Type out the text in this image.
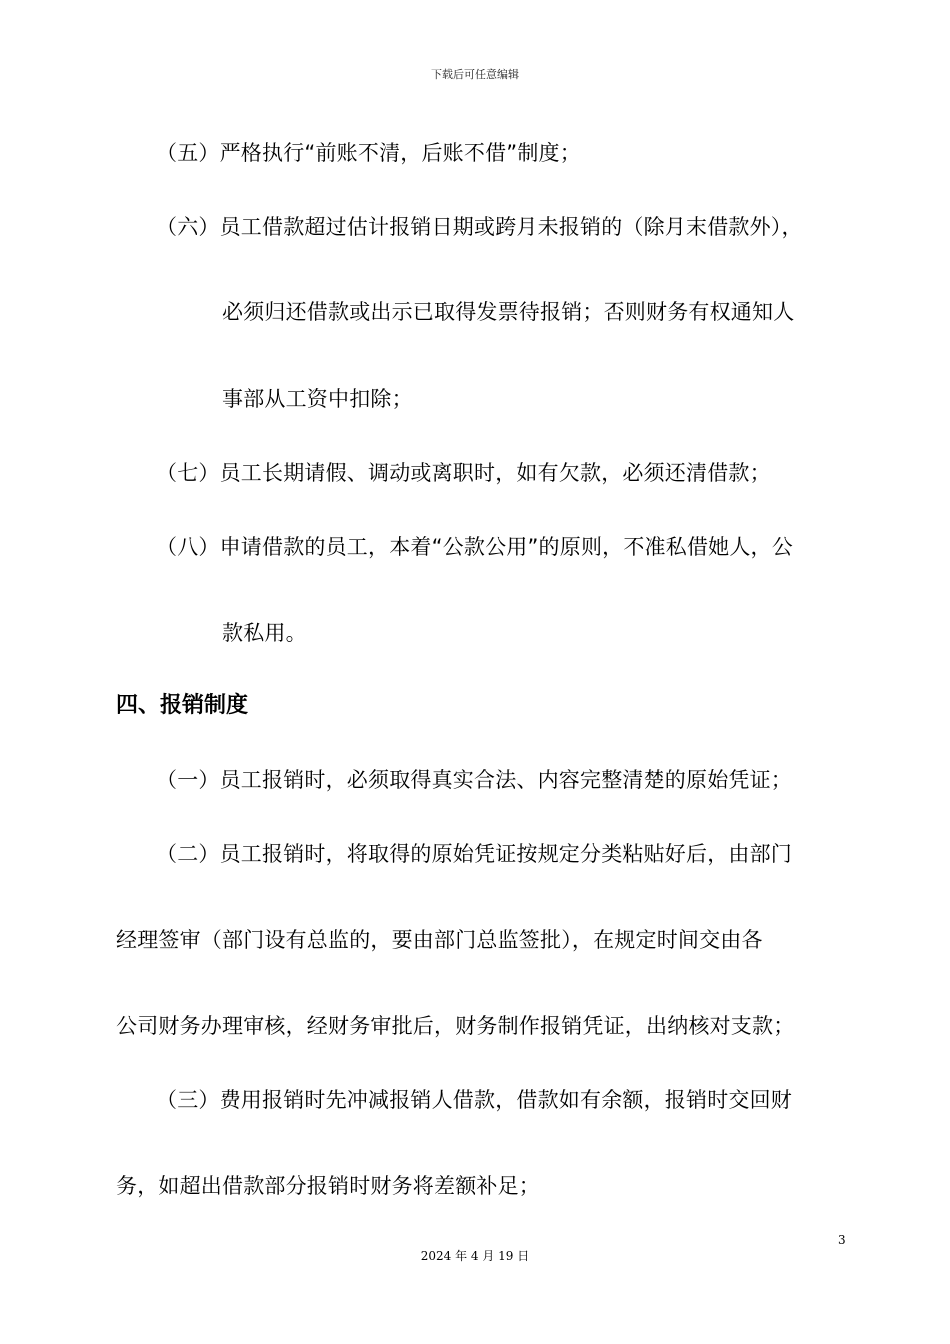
下载后可任意编辑
（五）严格执行“前账不清，后账不借”制度；
（六）员工借款超过估计报销日期或跨月未报销的（除月末借款外），
必须归还借款或出示已取得发票待报销；否则财务有权通知人
事部从工资中扣除；
（七）员工长期请假、调动或离职时，如有欠款，必须还清借款；
（八）申请借款的员工，本着“公款公用”的原则，不准私借她人，公
款私用。
四、报销制度
（一）员工报销时，必须取得真实合法、内容完整清楚的原始凭证；
（二）员工报销时，将取得的原始凭证按规定分类粘贴好后，由部门
经理签审（部门设有总监的，要由部门总监签批），在规定时间交由各
公司财务办理审核，经财务审批后，财务制作报销凭证，出纳核对支款；
（三）费用报销时先冲减报销人借款，借款如有余额，报销时交回财
务，如超出借款部分报销时财务将差额补足；
3
2024 年 4 月 19 日
